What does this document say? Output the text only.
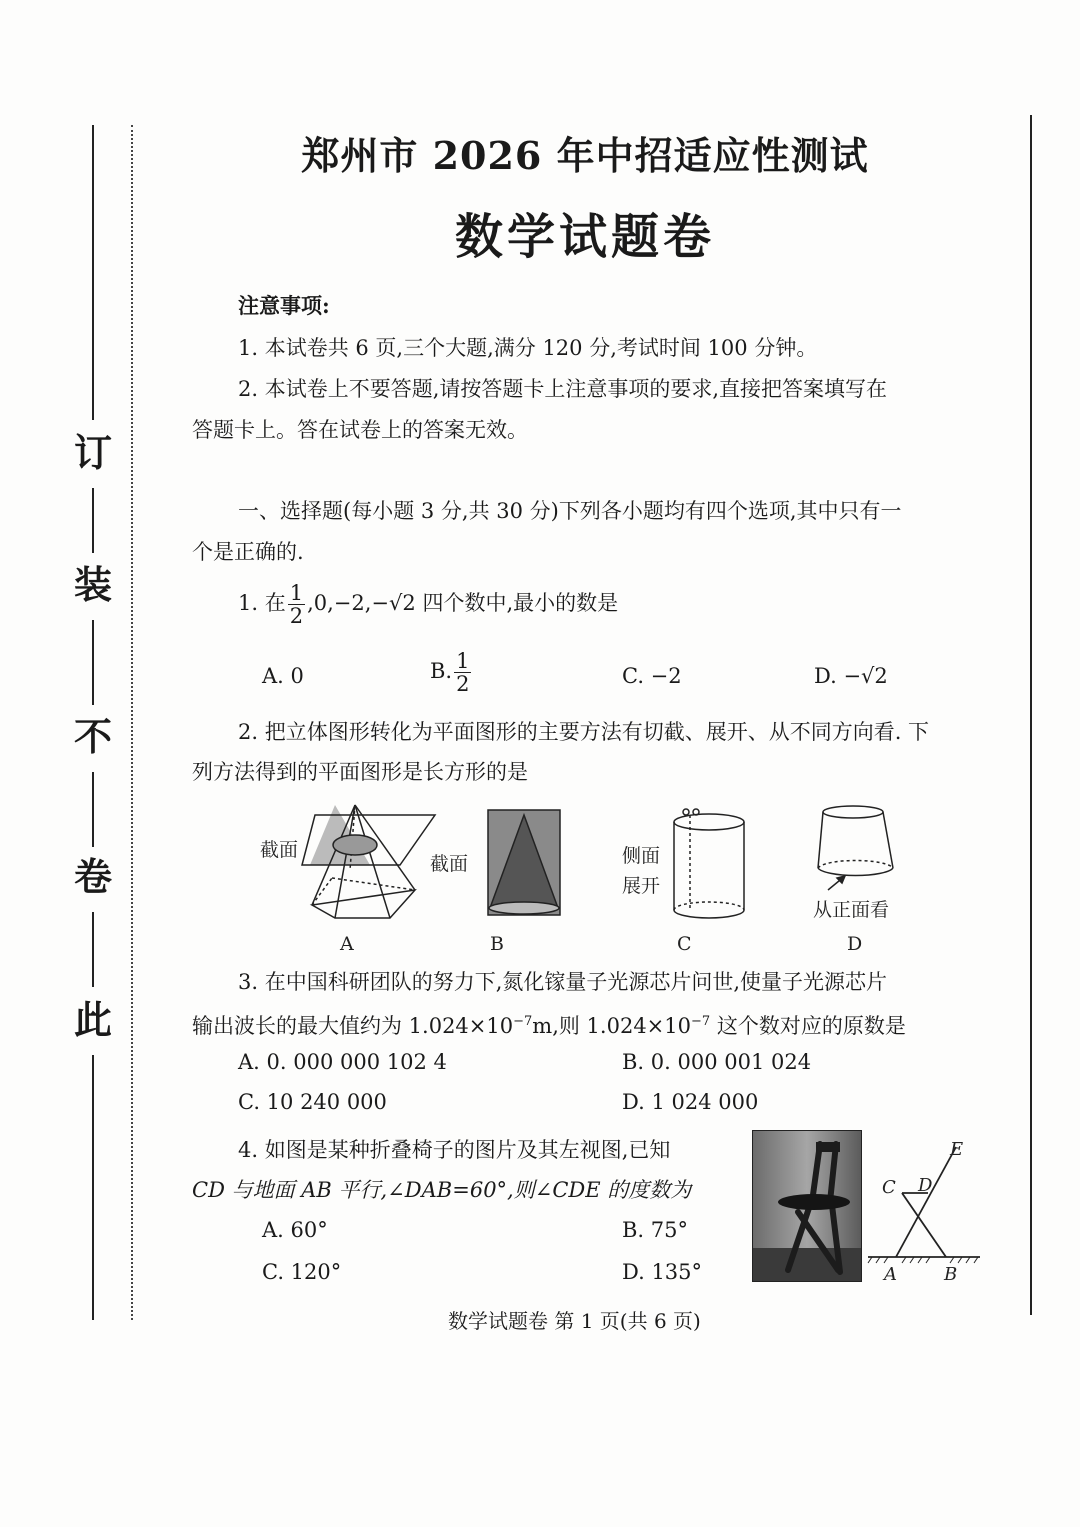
订
装
不
卷
此
郑州市 2026 年中招适应性测试
数学试题卷
注意事项:
1. 本试卷共 6 页,三个大题,满分 120 分,考试时间 100 分钟。
2. 本试卷上不要答题,请按答题卡上注意事项的要求,直接把答案填写在
答题卡上。答在试卷上的答案无效。
一、选择题(每小题 3 分,共 30 分)下列各小题均有四个选项,其中只有一
个是正确的.
1. 在 $\frac{1}{2} ,0,-2,-√2$ 四个数中,最小的数是
A. 0	B. $\frac{1}{2}$	C. −2	D. −√2
2. 把立体图形转化为平面图形的主要方法有切截、展开、从不同方向看. 下
列方法得到的平面图形是长方形的是
截面
截面	侧面
展开
从正面看
A	B	C	D
3. 在中国科研团队的努力下,氮化镓量子光源芯片问世,使量子光源芯片
输出波长的最大值约为 $1.024\times 10^{-7}m$,则 $1.024\times 10^{-7}$ 这个数对应的原数是
A. 0. 000 000 102 4	B. 0. 000 001 024
C. 10 240 000	D. 1 024 000
4. 如图是某种折叠椅子的图片及其左视图,已知
CD 与地面 AB 平行,∠DAB=60°,则∠CDE 的度数为
A. 60°	B. 75°
C. 120°	D. 135°
E
C D
A	B
数学试题卷 第 1 页(共 6 页)
